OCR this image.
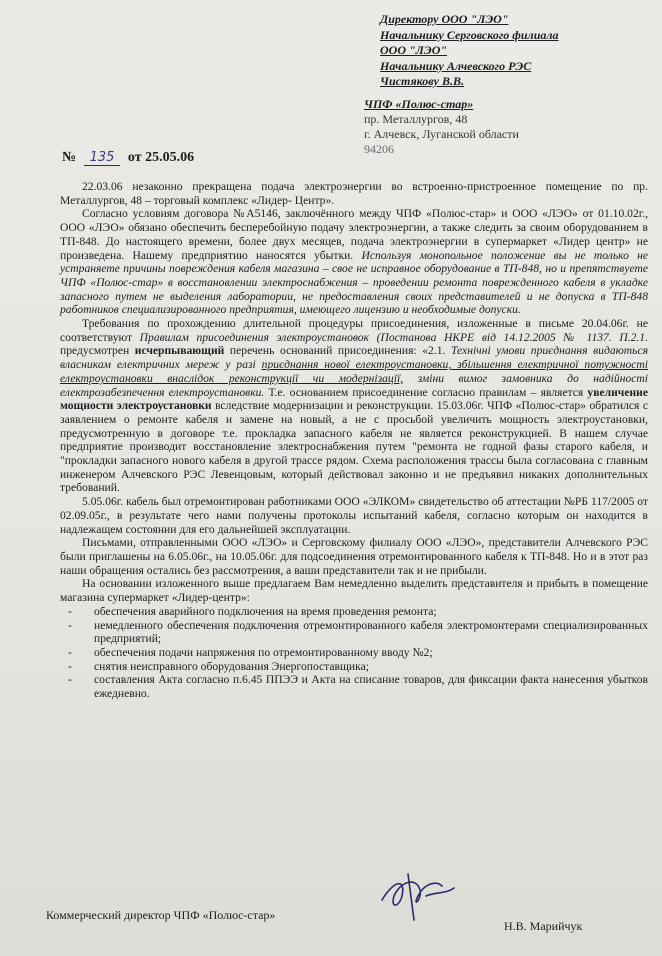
Директору ООО "ЛЭО"
Начальнику Серговского филиала
ООО "ЛЭО"
Начальнику Алчевского РЭС
Чистякову В.В.
ЧПФ «Полюс-стар»
пр. Металлургов, 48
г. Алчевск, Луганской области
94206
№ 135 от 25.05.06

22.03.06 незаконно прекращена подача электроэнергии во встроенно-пристроенное помещение по пр. Металлургов, 48 – торговый комплекс «Лидер- Центр».

Согласно условиям договора №А5146, заключённого между ЧПФ «Полюс-стар» и ООО «ЛЭО» от 01.10.02г., ООО «ЛЭО» обязано обеспечить бесперебойную подачу электроэнергии, а также следить за своим оборудованием в ТП-848. До настоящего времени, более двух месяцев, подача электроэнергии в супермаркет «Лидер центр» не произведена. Нашему предприятию наносятся убытки. Используя монопольное положение вы не только не устраняете причины повреждения кабеля магазина – свое не исправное оборудование в ТП-848, но и препятствуете ЧПФ «Полюс-стар» в восстановлении электроснабжения – проведении ремонта поврежденного кабеля в укладке запасного путем не выделения лаборатории, не предоставления своих представителей и не допуска в ТП-848 работников специализированного предприятия, имеющего лицензию и необходимые допуски.

Требования по прохождению длительной процедуры присоединения, изложенные в письме 20.04.06г. не соответствуют Правилам присоединения электроустановок (Постанова НКРЕ від 14.12.2005 № 1137. П.2.1. предусмотрен исчерпывающий перечень оснований присоединения: «2.1. Технічні умови приєднання видаються власникам електричних мереж у разі приєднання нової електроустановки, збільшення електричної потужності електроустановки внаслідок реконструкції чи модернізації, зміни вимог замовника до надійності електрозабезпечення електроустановки. Т.е. основанием присоединение согласно правилам – является увеличение мощности электроустановки вследствие модернизации и реконструкции. 15.03.06г. ЧПФ «Полюс-стар» обратился с заявлением о ремонте кабеля и замене на новый, а не с просьбой увеличить мощность электроустановки, предусмотренную в договоре т.е. прокладка запасного кабеля не является реконструкцией. В нашем случае предприятие производит восстановление электроснабжения путем "ремонта не годной фазы старого кабеля, и "прокладки запасного нового кабеля в другой трассе рядом. Схема расположения трассы была согласована с главным инженером Алчевского РЭС Левенцовым, который действовал законно и не предъявил никаких дополнительных требований.

5.05.06г. кабель был отремонтирован работниками ООО «ЭЛКОМ» свидетельство об аттестации №РБ 117/2005 от 02.09.05г., в результате чего нами получены протоколы испытаний кабеля, согласно которым он находится в надлежащем состоянии для его дальнейшей эксплуатации.

Письмами, отправленными ООО «ЛЭО» и Серговскому филиалу ООО «ЛЭО», представители Алчевского РЭС были приглашены на 6.05.06г., на 10.05.06г. для подсоединения отремонтированного кабеля к ТП-848. Но и в этот раз наши обращения остались без рассмотрения, а ваши представители так и не прибыли.

На основании изложенного выше предлагаем Вам немедленно выделить представителя и прибыть в помещение магазина супермаркет «Лидер-центр»:

- обеспечения аварийного подключения на время проведения ремонта;
- немедленного обеспечения подключения отремонтированного кабеля электромонтерами специализированных предприятий;
- обеспечения подачи напряжения по отремонтированному вводу №2;
- снятия неисправного оборудования Энергопоставщика;
- составления Акта согласно п.6.45 ППЭЭ и Акта на списание товаров, для фиксации факта нанесения убытков ежедневно.
Коммерческий директор ЧПФ «Полюс-стар»
Н.В. Марийчук
